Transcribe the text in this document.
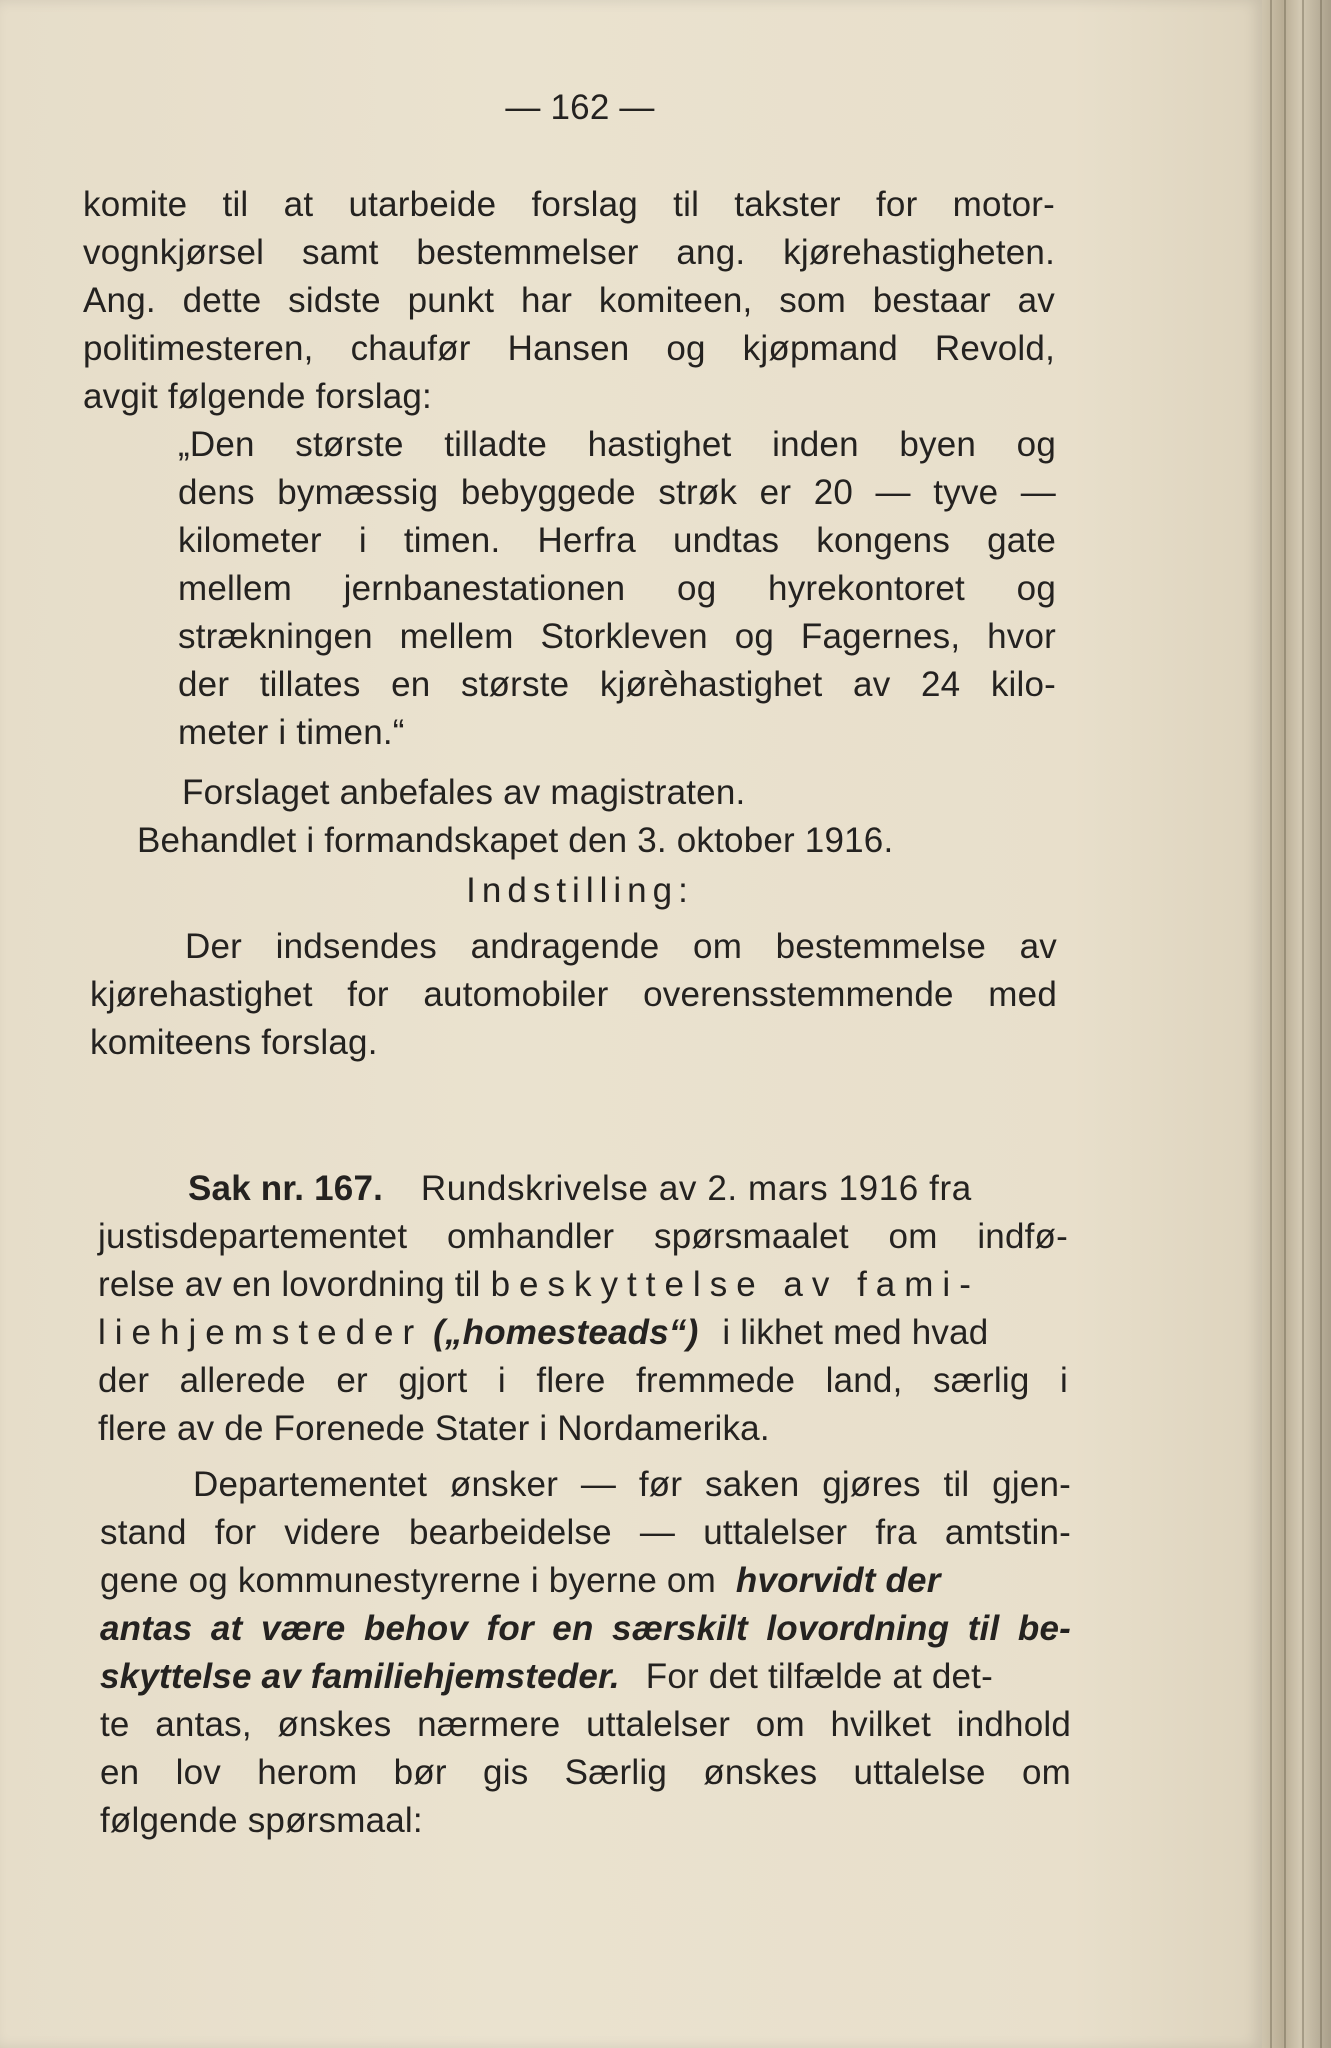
— 162 —
komite til at utarbeide forslag til takster for motor-
vognkjørsel samt bestemmelser ang. kjørehastigheten.
Ang. dette sidste punkt har komiteen, som bestaar av
politimesteren, chaufør Hansen og kjøpmand Revold,
avgit følgende forslag:
„Den største tilladte hastighet inden byen og
dens bymæssig bebyggede strøk er 20 — tyve —
kilometer i timen. Herfra undtas kongens gate
mellem jernbanestationen og hyrekontoret og
strækningen mellem Storkleven og Fagernes, hvor
der tillates en største kjørèhastighet av 24 kilo-
meter i timen.“
Forslaget anbefales av magistraten.
Behandlet i formandskapet den 3. oktober 1916.
Indstilling:
Der indsendes andragende om bestemmelse av
kjørehastighet for automobiler overensstemmende med
komiteens forslag.
Sak nr. 167. Rundskrivelse av 2. mars 1916 fra
justisdepartementet omhandler spørsmaalet om indfø-
relse av en lovordning til beskyttelse av fami-
liehjemsteder („homesteads“) i likhet med hvad
der allerede er gjort i flere fremmede land, særlig i
flere av de Forenede Stater i Nordamerika.
Departementet ønsker — før saken gjøres til gjen-
stand for videre bearbeidelse — uttalelser fra amtstin-
gene og kommunestyrerne i byerne om hvorvidt der
antas at være behov for en særskilt lovordning til be-
skyttelse av familiehjemsteder. For det tilfælde at det-
te antas, ønskes nærmere uttalelser om hvilket indhold
en lov herom bør gis Særlig ønskes uttalelse om
følgende spørsmaal:
